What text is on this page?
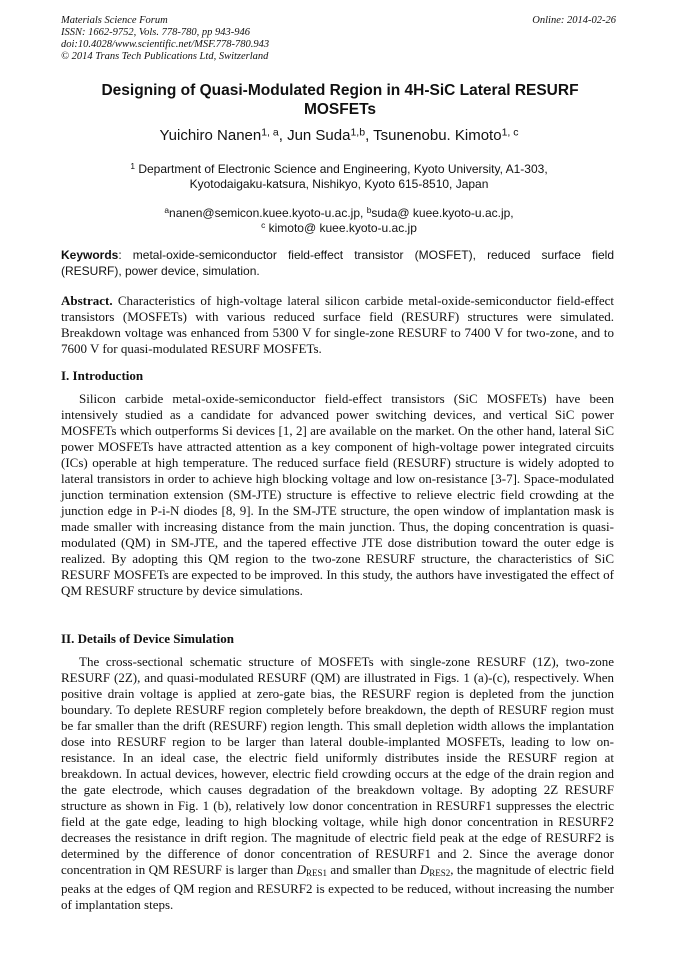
Materials Science Forum
ISSN: 1662-9752, Vols. 778-780, pp 943-946
doi:10.4028/www.scientific.net/MSF.778-780.943
© 2014 Trans Tech Publications Ltd, Switzerland
Online: 2014-02-26
Designing of Quasi-Modulated Region in 4H-SiC Lateral RESURF MOSFETs
Yuichiro Nanen$^{1, a}$, Jun Suda$^{1,b}$, Tsunenobu. Kimoto$^{1, c}$
$^1$ Department of Electronic Science and Engineering, Kyoto University, A1-303,
Kyotodaigaku-katsura, Nishikyo, Kyoto 615-8510, Japan
$^a$nanen@semicon.kuee.kyoto-u.ac.jp, $^b$suda@ kuee.kyoto-u.ac.jp,
$^c$ kimoto@ kuee.kyoto-u.ac.jp
Keywords: metal-oxide-semiconductor field-effect transistor (MOSFET), reduced surface field (RESURF), power device, simulation.
Abstract. Characteristics of high-voltage lateral silicon carbide metal-oxide-semiconductor field-effect transistors (MOSFETs) with various reduced surface field (RESURF) structures were simulated. Breakdown voltage was enhanced from 5300 V for single-zone RESURF to 7400 V for two-zone, and to 7600 V for quasi-modulated RESURF MOSFETs.
I. Introduction
Silicon carbide metal-oxide-semiconductor field-effect transistors (SiC MOSFETs) have been intensively studied as a candidate for advanced power switching devices, and vertical SiC power MOSFETs which outperforms Si devices [1, 2] are available on the market. On the other hand, lateral SiC power MOSFETs have attracted attention as a key component of high-voltage power integrated circuits (ICs) operable at high temperature. The reduced surface field (RESURF) structure is widely adopted to lateral transistors in order to achieve high blocking voltage and low on-resistance [3-7]. Space-modulated junction termination extension (SM-JTE) structure is effective to relieve electric field crowding at the junction edge in P-i-N diodes [8, 9]. In the SM-JTE structure, the open window of implantation mask is made smaller with increasing distance from the main junction. Thus, the doping concentration is quasi-modulated (QM) in SM-JTE, and the tapered effective JTE dose distribution toward the outer edge is realized. By adopting this QM region to the two-zone RESURF structure, the characteristics of SiC RESURF MOSFETs are expected to be improved. In this study, the authors have investigated the effect of QM RESURF structure by device simulations.
II. Details of Device Simulation
The cross-sectional schematic structure of MOSFETs with single-zone RESURF (1Z), two-zone RESURF (2Z), and quasi-modulated RESURF (QM) are illustrated in Figs. 1 (a)-(c), respectively. When positive drain voltage is applied at zero-gate bias, the RESURF region is depleted from the junction boundary. To deplete RESURF region completely before breakdown, the depth of RESURF region must be far smaller than the drift (RESURF) region length. This small depletion width allows the implantation dose into RESURF region to be larger than lateral double-implanted MOSFETs, leading to low on-resistance. In an ideal case, the electric field uniformly distributes inside the RESURF region at breakdown. In actual devices, however, electric field crowding occurs at the edge of the drain region and the gate electrode, which causes degradation of the breakdown voltage. By adopting 2Z RESURF structure as shown in Fig. 1 (b), relatively low donor concentration in RESURF1 suppresses the electric field at the gate edge, leading to high blocking voltage, while high donor concentration in RESURF2 decreases the resistance in drift region. The magnitude of electric field peak at the edge of RESURF2 is determined by the difference of donor concentration of RESURF1 and 2. Since the average donor concentration in QM RESURF is larger than $D_{RES1}$ and smaller than $D_{RES2}$, the magnitude of electric field peaks at the edges of QM region and RESURF2 is expected to be reduced, without increasing the number of implantation steps.
